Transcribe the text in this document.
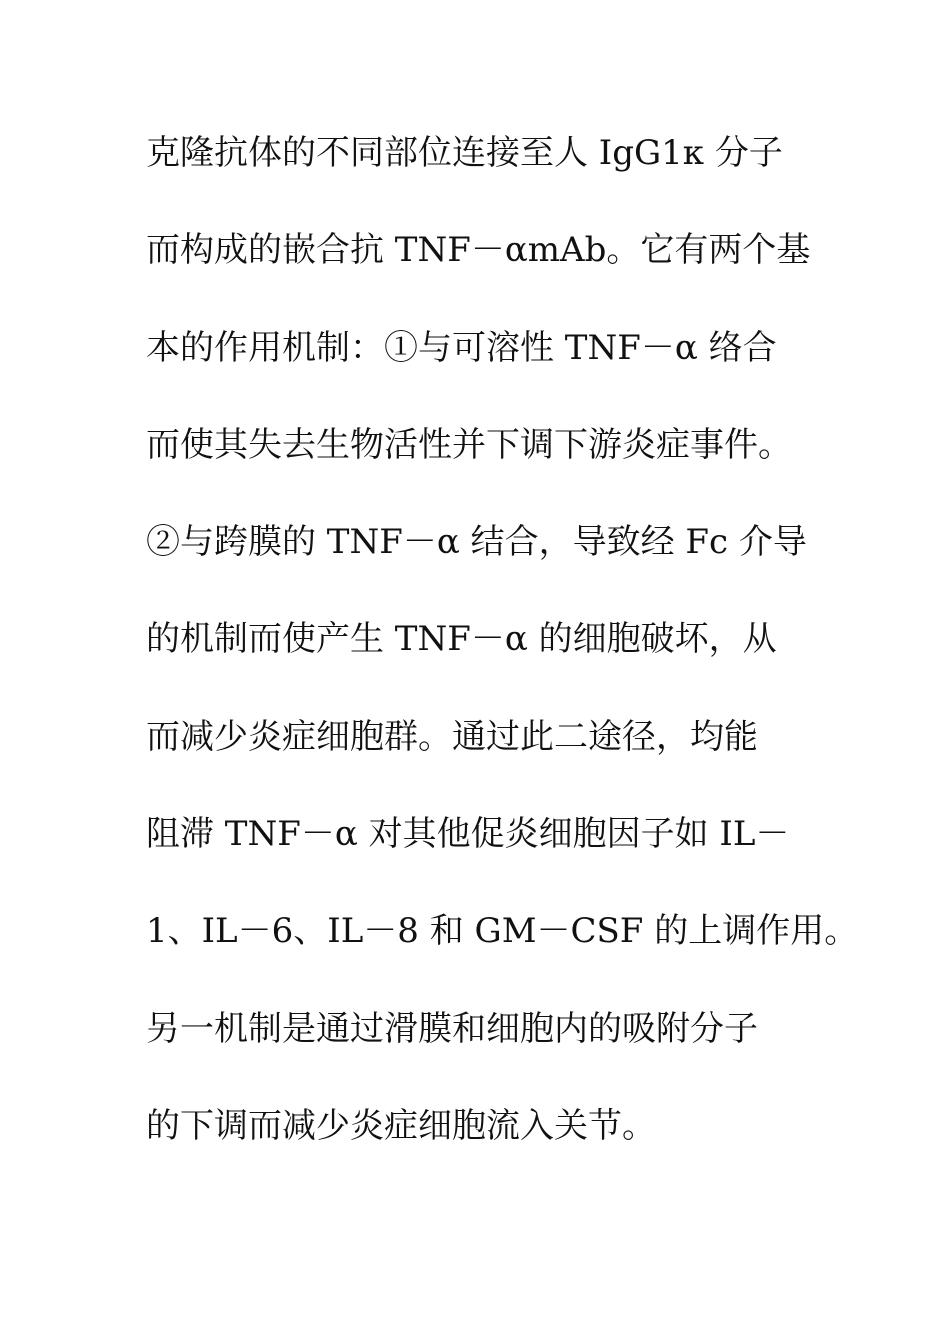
克隆抗体的不同部位连接至人 IgG1κ 分子
而构成的嵌合抗 TNF－αmAb。它有两个基
本的作用机制：①与可溶性 TNF－α 络合
而使其失去生物活性并下调下游炎症事件。
②与跨膜的 TNF－α 结合，导致经 Fc 介导
的机制而使产生 TNF－α 的细胞破坏，从
而减少炎症细胞群。通过此二途径，均能
阻滞 TNF－α 对其他促炎细胞因子如 IL－
1、IL－6、IL－8 和 GM－CSF 的上调作用。
另一机制是通过滑膜和细胞内的吸附分子
的下调而减少炎症细胞流入关节。
